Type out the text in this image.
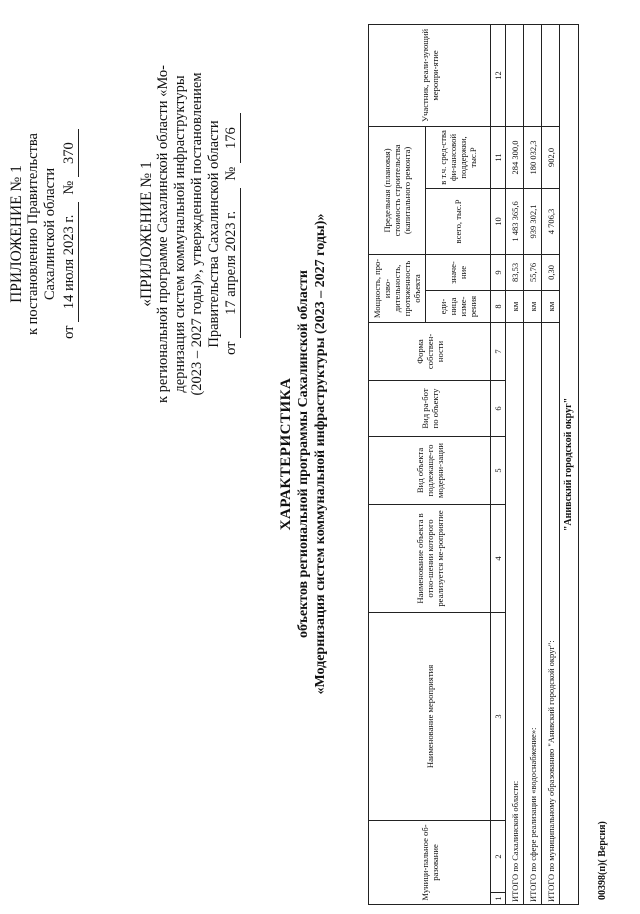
ПРИЛОЖЕНИЕ № 1 к постановлению Правительства Сахалинской области
от 14 июля 2023 г.  № 370
«ПРИЛОЖЕНИЕ № 1 к региональной программе Сахалинской области «Мо- дернизация систем коммунальной инфраструктуры (2023 – 2027 годы)», утвержденной постановлением Правительства Сахалинской области
от 17 апреля 2023 г.  № 176
ХАРАКТЕРИСТИКА объектов региональной программы Сахалинской области «Модернизация систем коммунальной инфраструктуры (2023 – 2027 годы)»
Муници-пальное об-разование		Наименование мероприятия	Наименование объекта в отно-шении которого реализуется ме-роприятие	Вид объекта подлежаще-го модерни-зации	Вид ра-бот по объекту	Форма собствен-ности	Мощность, про-изво-дительность, протяженность объекта		Предельная (плановая) стоимость строительства (капитального ремонта)		Участник, реали-зующий меропри-ятие
							еди-ница изме-рения	значе-ние	всего, тыс.Р	в т.ч. сред-ства фи-нансовой поддержки, тыс.Р	
1	2	3	4	5	6	7	8	9	10	11	12
ИТОГО по Сахалинской области:							км	83,53	1 483 365,6	284 300,0	
ИТОГО по сфере реализации «водоснабжение»:							км	55,76	939 302,1	180 032,3	
ИТОГО по муниципальному образованию "Анивский городской округ":							км	0,30	4 706,3	902,0	
"Анивский городской округ"											
00398(п)( Версия)
